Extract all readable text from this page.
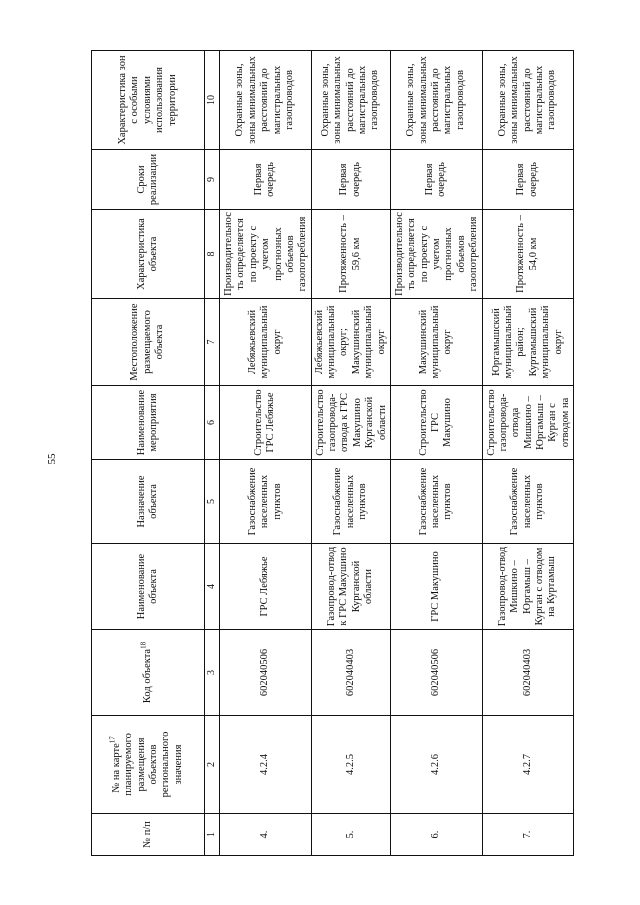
55
№ п/п	№ на карте$^{17}$ планируемого размещения объектов регионального значения	Код объекта$^{18}$	Наименование объекта	Назначение объекта	Наименование мероприятия	Местоположение размещаемого объекта	Характеристика объекта	Сроки реализации	Характеристика зон с особыми условиями использования территории
1	2	3	4	5	6	7	8	9	10
4.	4.2.4	602040506	ГРС Лебяжье	Газоснабжение населенных пунктов	Строительство ГРС Лебяжье	Лебяжьевский муниципальный округ	Производительность определяется по проекту с учетом прогнозных объемов газопотребления	Первая очередь	Охранные зоны, зоны минимальных расстояний до магистральных газопроводов
5.	4.2.5	602040403	Газопровод-отвод к ГРС Макушино Курганской области	Газоснабжение населенных пунктов	Строительство газопровода-отвода к ГРС Макушино Курганской области	Лебяжьевский муниципальный округ; Макушинский муниципальный округ	Протяженность – 59,6 км	Первая очередь	Охранные зоны, зоны минимальных расстояний до магистральных газопроводов
6.	4.2.6	602040506	ГРС Макушино	Газоснабжение населенных пунктов	Строительство ГРС Макушино	Макушинский муниципальный округ	Производительность определяется по проекту с учетом прогнозных объемов газопотребления	Первая очередь	Охранные зоны, зоны минимальных расстояний до магистральных газопроводов
7.	4.2.7	602040403	Газопровод-отвод Мишкино – Юргамыш – Курган с отводом на Куртамыш	Газоснабжение населенных пунктов	Строительство газопровода-отвода Мишкино – Юргамыш – Курган с отводом на	Юргамышский муниципальный район; Куртамышский муниципальный округ	Протяженность – 54,0 км	Первая очередь	Охранные зоны, зоны минимальных расстояний до магистральных газопроводов
